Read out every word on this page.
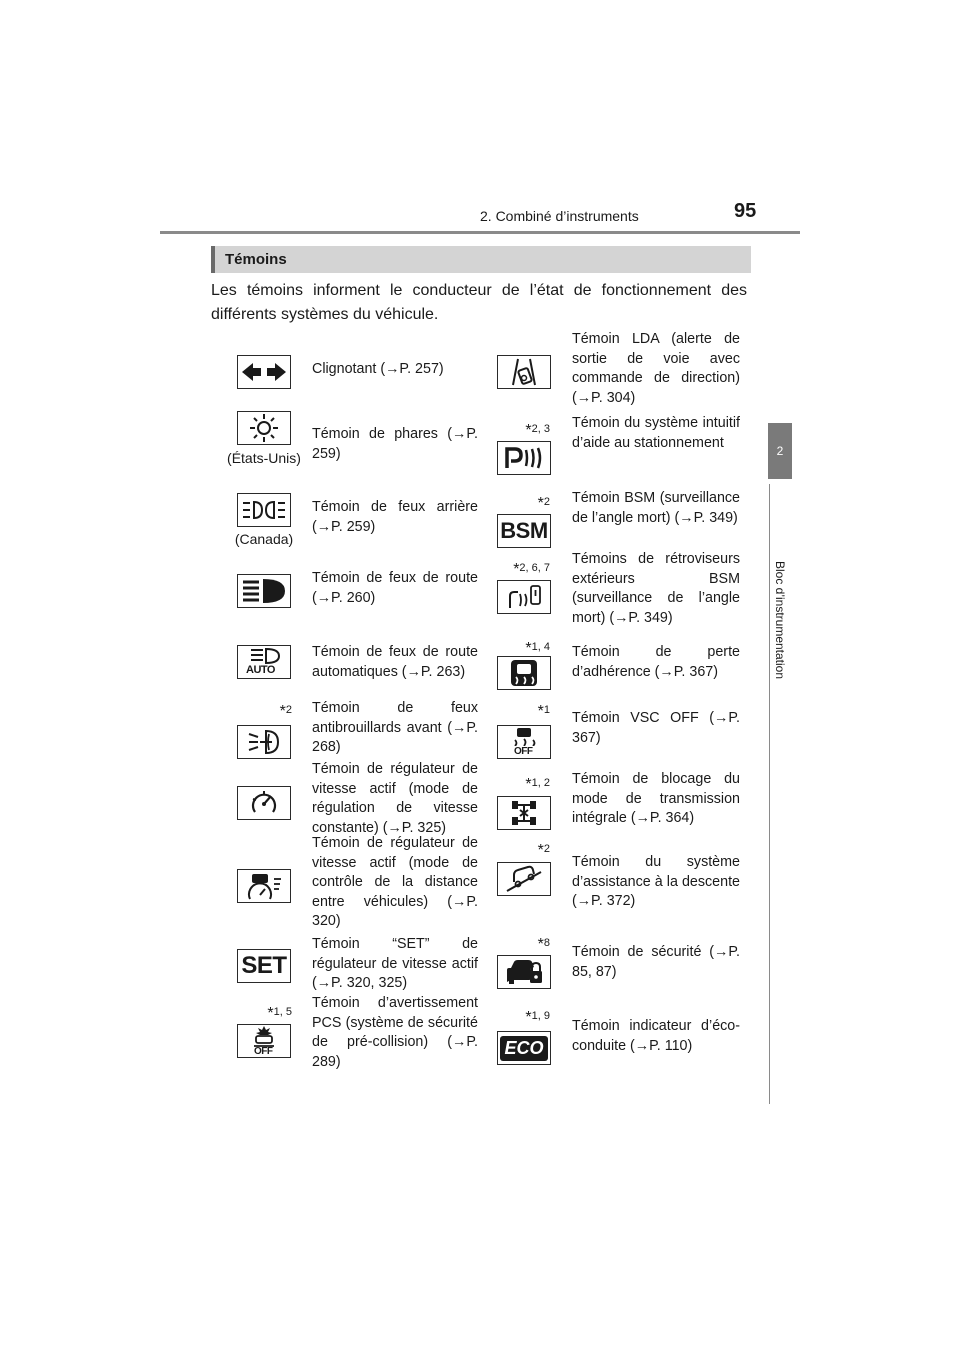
2. Combiné d’instruments	95
2
Bloc d’instrumentation
Témoins
Les témoins informent le conducteur de l’état de fonctionnement des différents systèmes du véhicule.
Clignotant (→P. 257)
Témoin LDA (alerte de sortie de voie avec commande de direction) (→P. 304)
(États-Unis)
Témoin de phares (→P. 259)
*2, 3 Témoin du système intuitif d’aide au stationnement
(Canada)
Témoin de feux arrière (→P. 259)
*2
BSM
Témoin BSM (surveillance de l’angle mort) (→P. 349)
Témoin de feux de route (→P. 260)
*2, 6, 7
Témoins de rétroviseurs extérieurs BSM (surveillance de l’angle mort) (→P. 349)
AUTO
Témoin de feux de route automatiques (→P. 263)
*1, 4 Témoin de perte d’adhérence (→P. 367)
*2 Témoin de feux antibrouillards avant (→P. 268)
*1
OFF
Témoin VSC OFF (→P. 367)
Témoin de régulateur de vitesse actif (mode de régulation de vitesse constante) (→P. 325)
*1, 2 Témoin de blocage du mode de transmission intégrale (→P. 364)
Témoin de régulateur de vitesse actif (mode de contrôle de la distance entre véhicules) (→P. 320)
*2
Témoin du système d’assistance à la descente (→P. 372)
SET
Témoin “SET” de régulateur de vitesse actif (→P. 320, 325)
*8
Témoin de sécurité (→P. 85, 87)
*1, 5
OFF
Témoin d’avertissement PCS (système de sécurité de pré-collision) (→P. 289)
*1, 9
ECO
Témoin indicateur d’éco-conduite (→P. 110)
